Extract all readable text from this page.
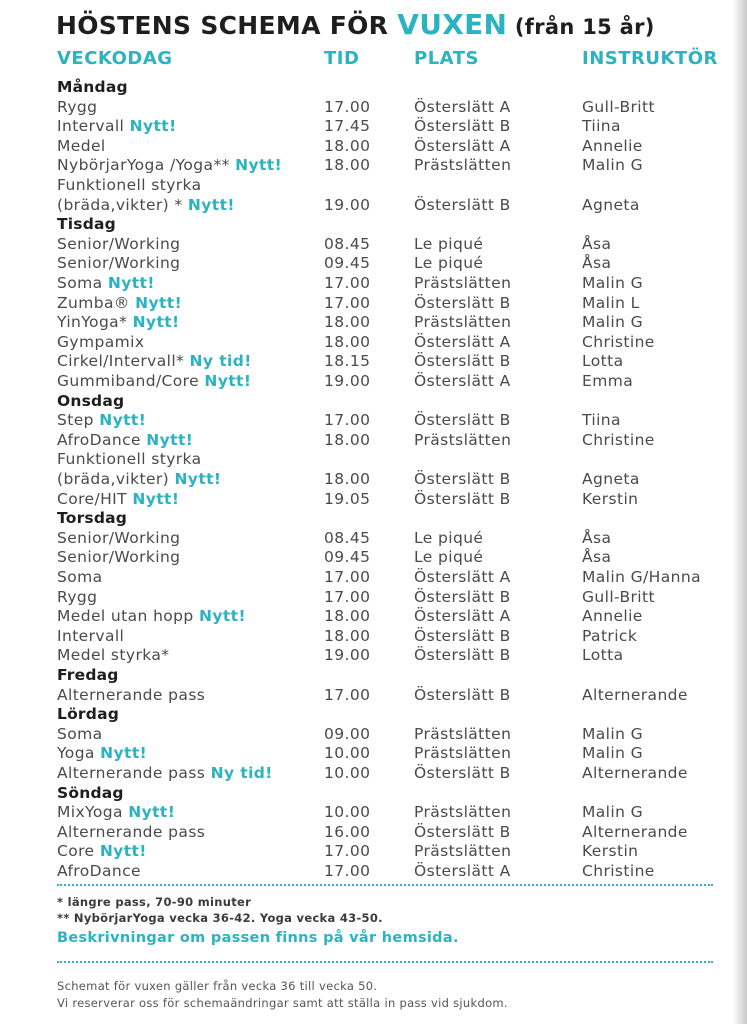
HÖSTENS SCHEMA FÖR VUXEN (från 15 år)
VECKODAG	TID	PLATS	INSTRUKTÖR
Måndag
Rygg	17.00	Österslätt A	Gull-Britt
Intervall Nytt!	17.45	Österslätt B	Tiina
Medel	18.00	Österslätt A	Annelie
NybörjarYoga /Yoga** Nytt!	18.00	Prästslätten	Malin G
Funktionell styrka
(bräda,vikter) * Nytt!	19.00	Österslätt B	Agneta
Tisdag
Senior/Working	08.45	Le piqué	Åsa
Senior/Working	09.45	Le piqué	Åsa
Soma Nytt!	17.00	Prästslätten	Malin G
Zumba® Nytt!	17.00	Österslätt B	Malin L
YinYoga* Nytt!	18.00	Prästslätten	Malin G
Gympamix	18.00	Österslätt A	Christine
Cirkel/Intervall* Ny tid!	18.15	Österslätt B	Lotta
Gummiband/Core Nytt!	19.00	Österslätt A	Emma
Onsdag
Step Nytt!	17.00	Österslätt B	Tiina
AfroDance Nytt!	18.00	Prästslätten	Christine
Funktionell styrka
(bräda,vikter) Nytt!	18.00	Österslätt B	Agneta
Core/HIT Nytt!	19.05	Österslätt B	Kerstin
Torsdag
Senior/Working	08.45	Le piqué	Åsa
Senior/Working	09.45	Le piqué	Åsa
Soma	17.00	Österslätt A	Malin G/Hanna
Rygg	17.00	Österslätt B	Gull-Britt
Medel utan hopp Nytt!	18.00	Österslätt A	Annelie
Intervall	18.00	Österslätt B	Patrick
Medel styrka*	19.00	Österslätt B	Lotta
Fredag
Alternerande pass	17.00	Österslätt B	Alternerande
Lördag
Soma	09.00	Prästslätten	Malin G
Yoga Nytt!	10.00	Prästslätten	Malin G
Alternerande pass Ny tid!	10.00	Österslätt B	Alternerande
Söndag
MixYoga Nytt!	10.00	Prästslätten	Malin G
Alternerande pass	16.00	Österslätt B	Alternerande
Core Nytt!	17.00	Prästslätten	Kerstin
AfroDance	17.00	Österslätt A	Christine
* längre pass, 70-90 minuter
** NybörjarYoga vecka 36-42. Yoga vecka 43-50.
Beskrivningar om passen finns på vår hemsida.
Schemat för vuxen gäller från vecka 36 till vecka 50.
Vi reserverar oss för schemaändringar samt att ställa in pass vid sjukdom.
